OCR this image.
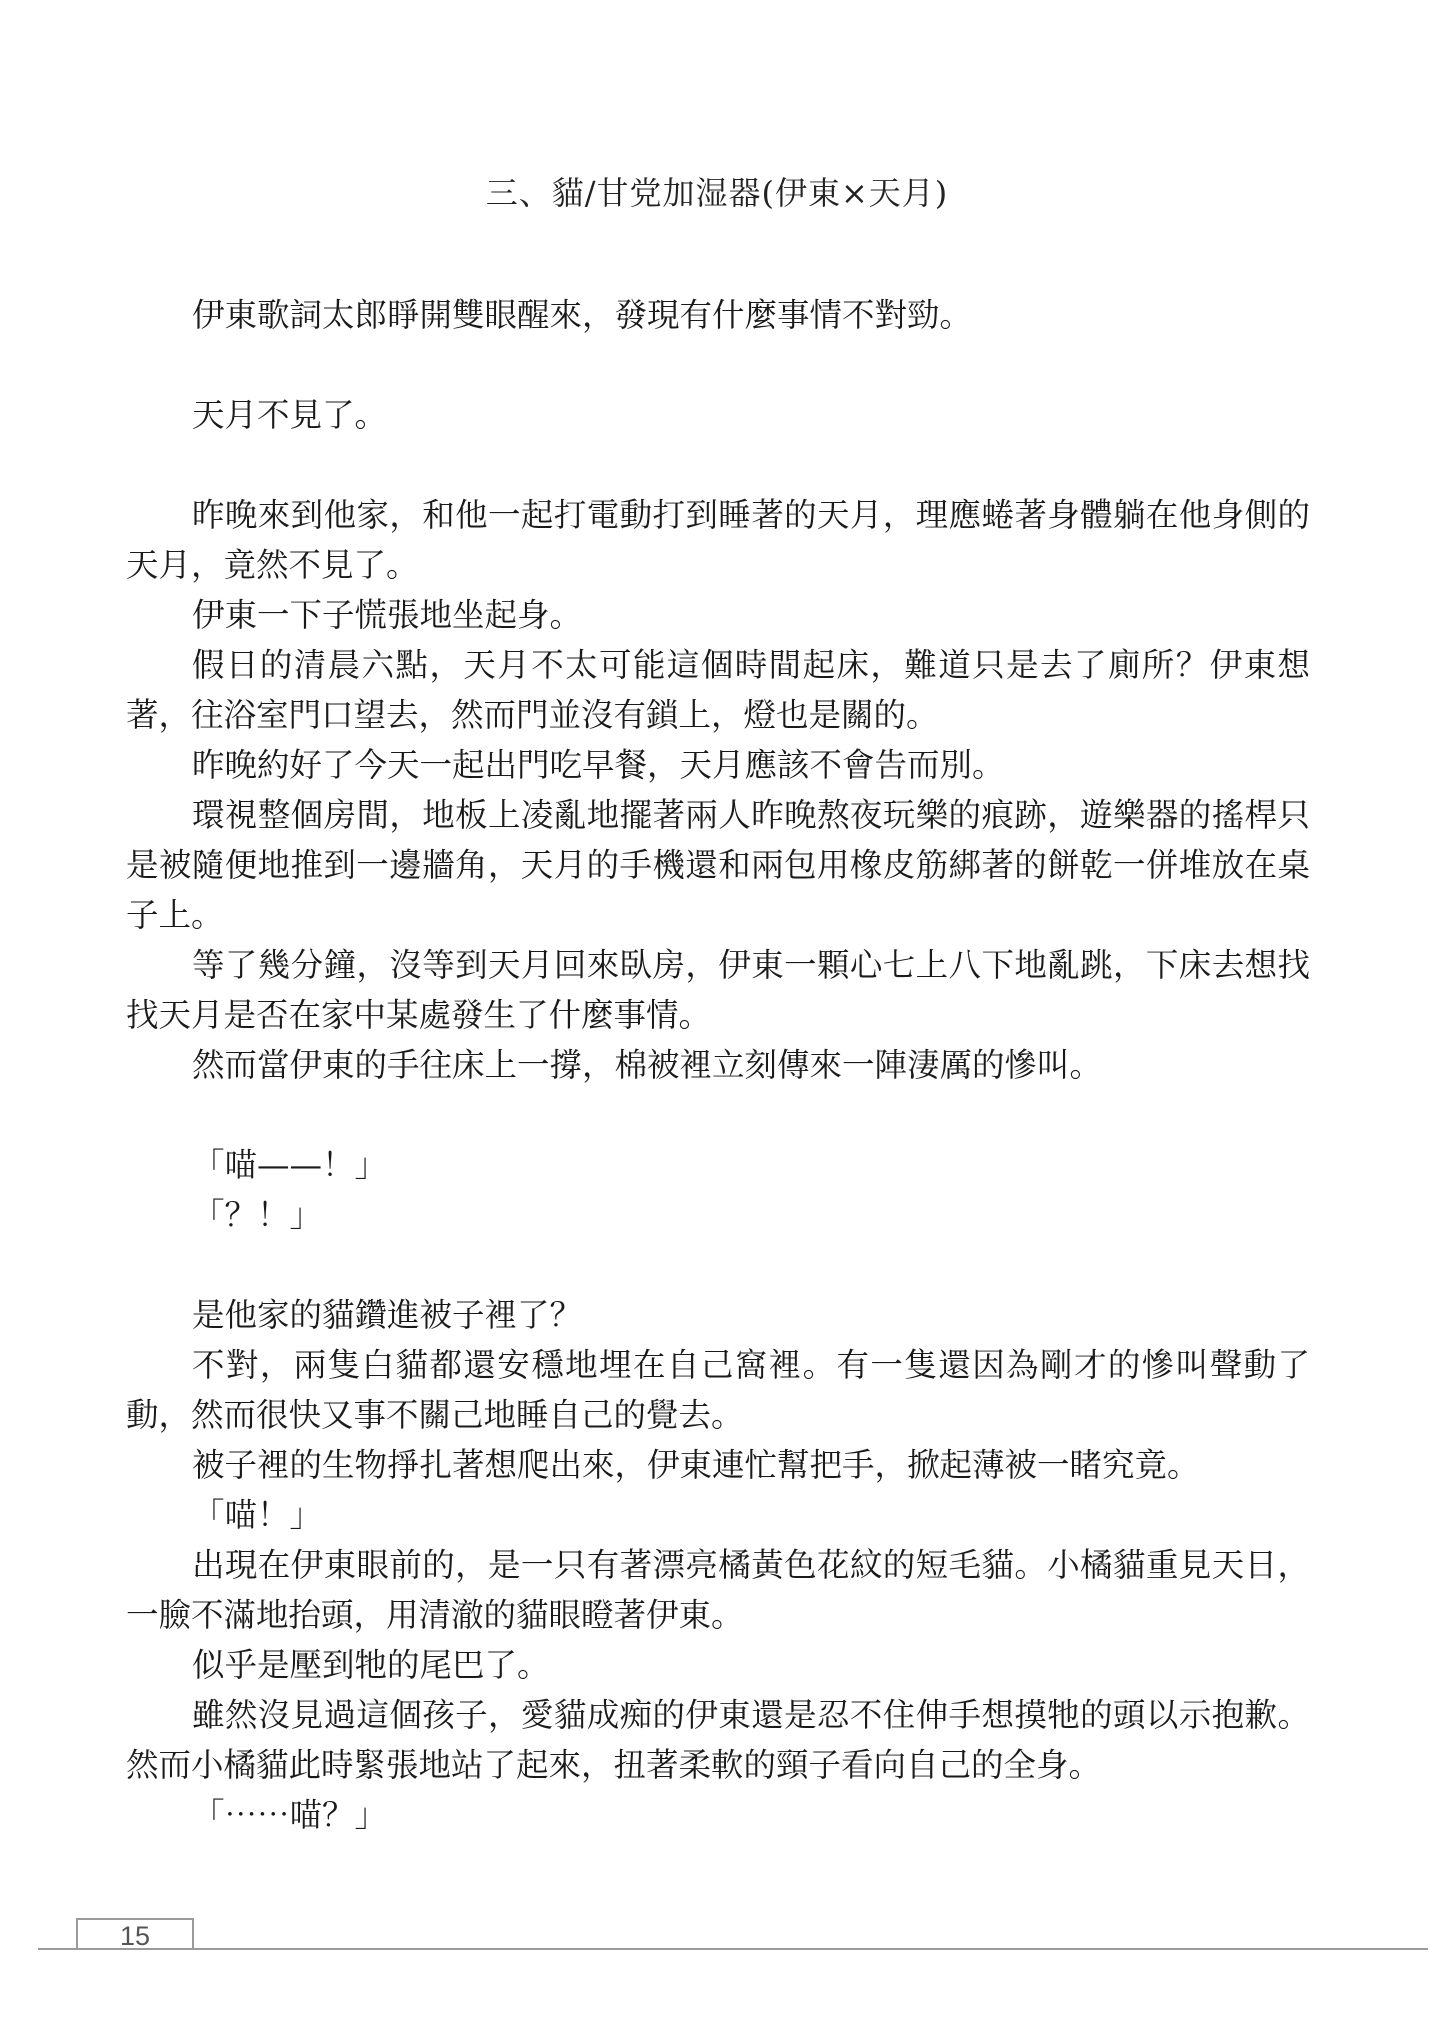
三、貓/甘党加湿器(伊東×天月)

伊東歌詞太郎睜開雙眼醒來，發現有什麼事情不對勁。

天月不見了。

昨晚來到他家，和他一起打電動打到睡著的天月，理應蜷著身體躺在他身側的天月，竟然不見了。

伊東一下子慌張地坐起身。

假日的清晨六點，天月不太可能這個時間起床，難道只是去了廁所？伊東想著，往浴室門口望去，然而門並沒有鎖上，燈也是關的。

昨晚約好了今天一起出門吃早餐，天月應該不會告而別。

環視整個房間，地板上凌亂地擺著兩人昨晚熬夜玩樂的痕跡，遊樂器的搖桿只是被隨便地推到一邊牆角，天月的手機還和兩包用橡皮筋綁著的餅乾一併堆放在桌子上。

等了幾分鐘，沒等到天月回來臥房，伊東一顆心七上八下地亂跳，下床去想找找天月是否在家中某處發生了什麼事情。

然而當伊東的手往床上一撐，棉被裡立刻傳來一陣淒厲的慘叫。

「喵——！」

「？！」

是他家的貓鑽進被子裡了？

不對，兩隻白貓都還安穩地埋在自己窩裡。有一隻還因為剛才的慘叫聲動了動，然而很快又事不關己地睡自己的覺去。

被子裡的生物掙扎著想爬出來，伊東連忙幫把手，掀起薄被一睹究竟。

「喵！」

出現在伊東眼前的，是一只有著漂亮橘黃色花紋的短毛貓。小橘貓重見天日，一臉不滿地抬頭，用清澈的貓眼瞪著伊東。

似乎是壓到牠的尾巴了。

雖然沒見過這個孩子，愛貓成痴的伊東還是忍不住伸手想摸牠的頭以示抱歉。然而小橘貓此時緊張地站了起來，扭著柔軟的頸子看向自己的全身。

「⋯⋯喵？」

15
